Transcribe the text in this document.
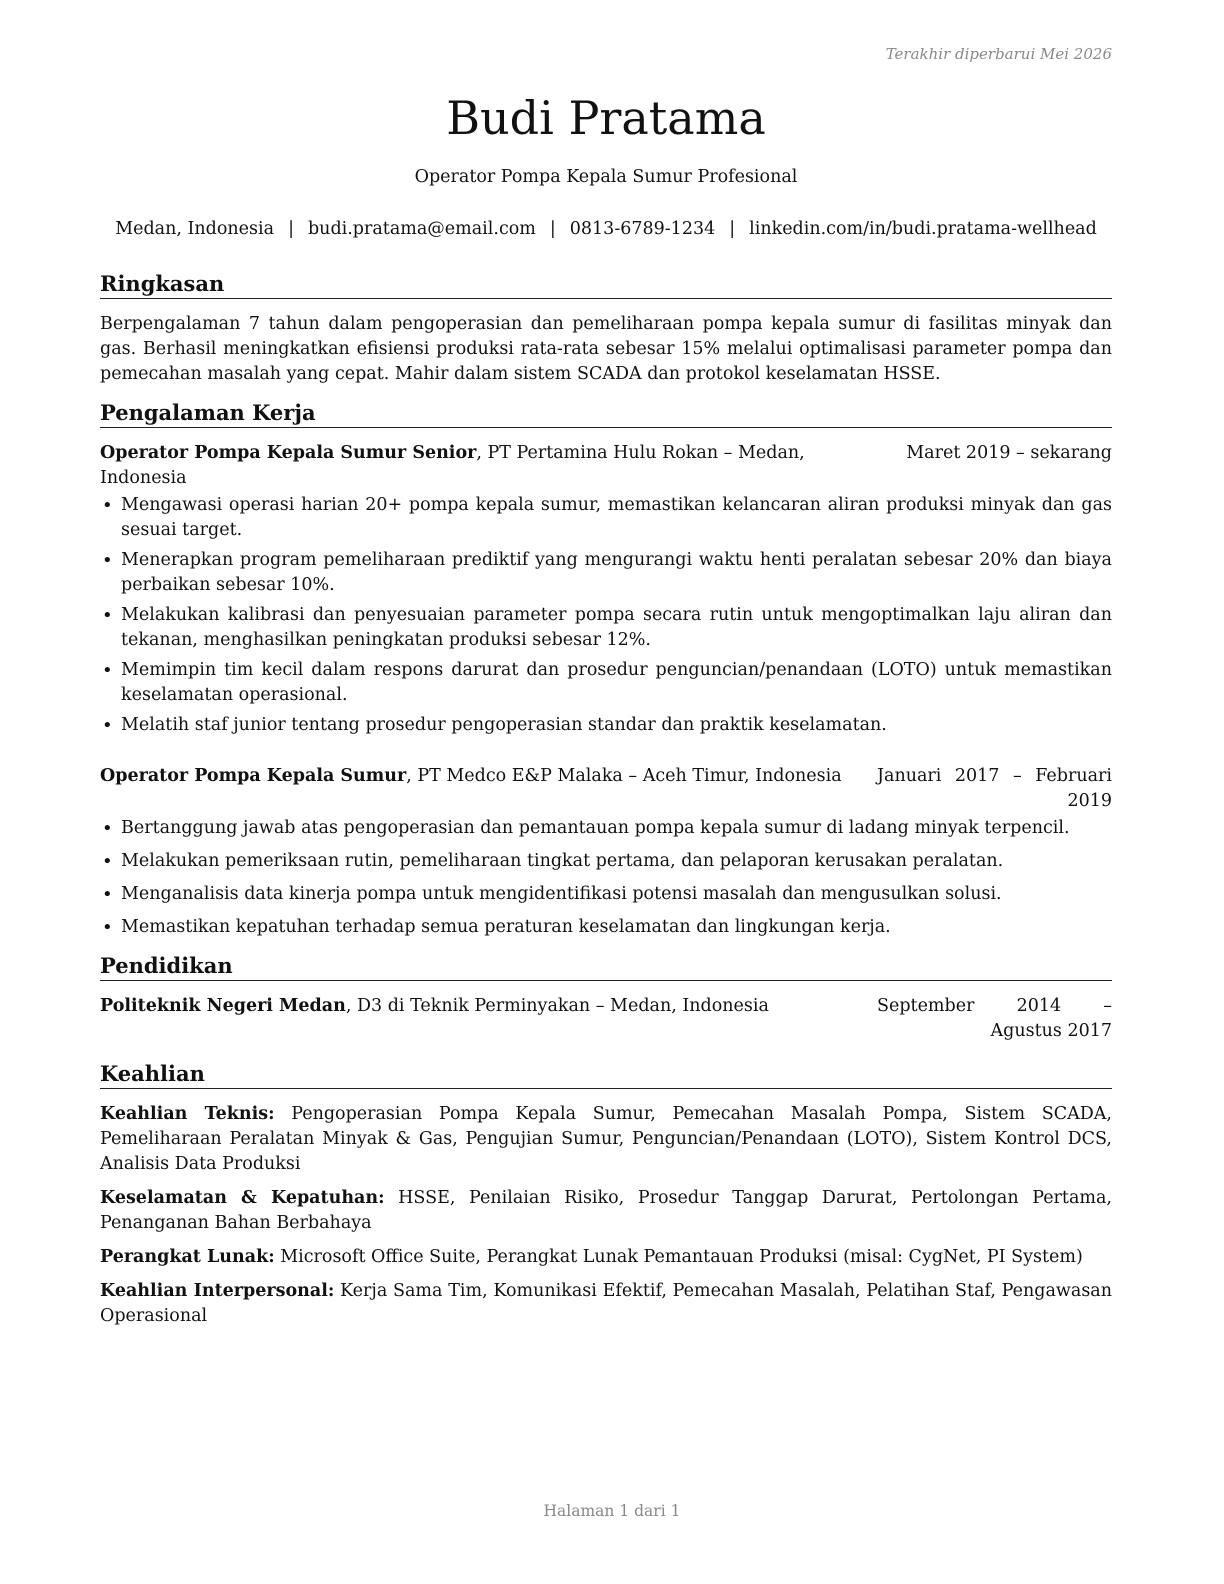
Terakhir diperbarui Mei 2026
Budi Pratama
Operator Pompa Kepala Sumur Profesional
Medan, Indonesia | budi.pratama@email.com | 0813-6789-1234 | linkedin.com/in/budi.pratama-wellhead
Ringkasan

Berpengalaman 7 tahun dalam pengoperasian dan pemeliharaan pompa kepala sumur di fasilitas minyak dan gas. Berhasil meningkatkan efisiensi produksi rata-rata sebesar 15% melalui optimalisasi parameter pompa dan pemecahan masalah yang cepat. Mahir dalam sistem SCADA dan protokol keselamatan HSSE.

Pengalaman Kerja
Operator Pompa Kepala Sumur Senior, PT Pertamina Hulu Rokan – Medan, Indonesia
Maret 2019 – sekarang
• Mengawasi operasi harian 20+ pompa kepala sumur, memastikan kelancaran aliran produksi minyak dan gas sesuai target.
• Menerapkan program pemeliharaan prediktif yang mengurangi waktu henti peralatan sebesar 20% dan biaya perbaikan sebesar 10%.
• Melakukan kalibrasi dan penyesuaian parameter pompa secara rutin untuk mengoptimalkan laju aliran dan tekanan, menghasilkan peningkatan produksi sebesar 12%.
• Memimpin tim kecil dalam respons darurat dan prosedur penguncian/penandaan (LOTO) untuk memastikan keselamatan operasional.
• Melatih staf junior tentang prosedur pengoperasian standar dan praktik keselamatan.
Operator Pompa Kepala Sumur, PT Medco E&P Malaka – Aceh Timur, Indonesia	Januari 2017 – Februari 2019
• Bertanggung jawab atas pengoperasian dan pemantauan pompa kepala sumur di ladang minyak terpencil.
• Melakukan pemeriksaan rutin, pemeliharaan tingkat pertama, dan pelaporan kerusakan peralatan.
• Menganalisis data kinerja pompa untuk mengidentifikasi potensi masalah dan mengusulkan solusi.
• Memastikan kepatuhan terhadap semua peraturan keselamatan dan lingkungan kerja.
Pendidikan
Politeknik Negeri Medan, D3 di Teknik Perminyakan – Medan, Indonesia	September 2014 – Agustus 2017
Keahlian

Keahlian Teknis: Pengoperasian Pompa Kepala Sumur, Pemecahan Masalah Pompa, Sistem SCADA, Pemeliharaan Peralatan Minyak & Gas, Pengujian Sumur, Penguncian/Penandaan (LOTO), Sistem Kontrol DCS, Analisis Data Produksi

Keselamatan & Kepatuhan: HSSE, Penilaian Risiko, Prosedur Tanggap Darurat, Pertolongan Pertama, Penanganan Bahan Berbahaya

Perangkat Lunak: Microsoft Office Suite, Perangkat Lunak Pemantauan Produksi (misal: CygNet, PI System)

Keahlian Interpersonal: Kerja Sama Tim, Komunikasi Efektif, Pemecahan Masalah, Pelatihan Staf, Pengawasan Operasional

Halaman 1 dari 1
